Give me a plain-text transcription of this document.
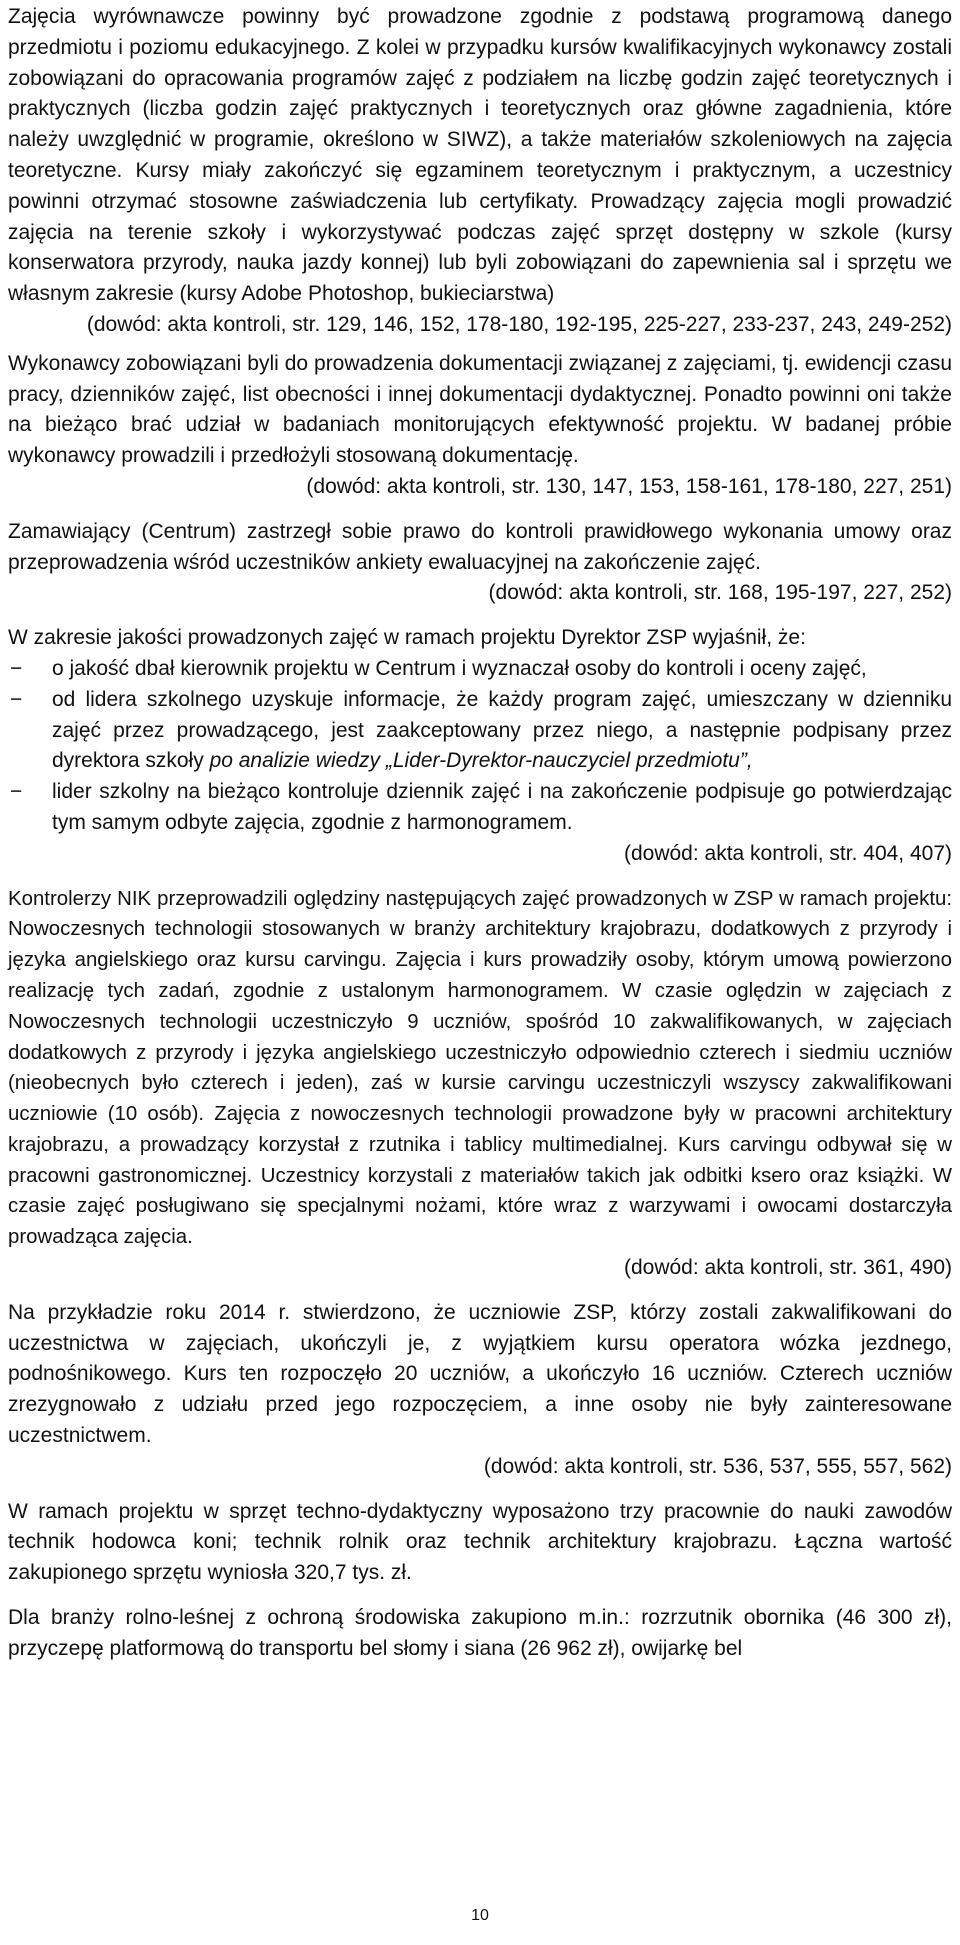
Zajęcia wyrównawcze powinny być prowadzone zgodnie z podstawą programową danego przedmiotu i poziomu edukacyjnego. Z kolei w przypadku kursów kwalifikacyjnych wykonawcy zostali zobowiązani do opracowania programów zajęć z podziałem na liczbę godzin zajęć teoretycznych i praktycznych (liczba godzin zajęć praktycznych i teoretycznych oraz główne zagadnienia, które należy uwzględnić w programie, określono w SIWZ), a także materiałów szkoleniowych na zajęcia teoretyczne. Kursy miały zakończyć się egzaminem teoretycznym i praktycznym, a uczestnicy powinni otrzymać stosowne zaświadczenia lub certyfikaty. Prowadzący zajęcia mogli prowadzić zajęcia na terenie szkoły i wykorzystywać podczas zajęć sprzęt dostępny w szkole (kursy konserwatora przyrody, nauka jazdy konnej) lub byli zobowiązani do zapewnienia sal i sprzętu we własnym zakresie (kursy Adobe Photoshop, bukieciarstwa)

(dowód: akta kontroli, str. 129, 146, 152, 178-180, 192-195, 225-227, 233-237, 243, 249-252)

Wykonawcy zobowiązani byli do prowadzenia dokumentacji związanej z zajęciami, tj. ewidencji czasu pracy, dzienników zajęć, list obecności i innej dokumentacji dydaktycznej. Ponadto powinni oni także na bieżąco brać udział w badaniach monitorujących efektywność projektu. W badanej próbie wykonawcy prowadzili i przedłożyli stosowaną dokumentację.

(dowód: akta kontroli, str. 130, 147, 153, 158-161, 178-180, 227, 251)

Zamawiający (Centrum) zastrzegł sobie prawo do kontroli prawidłowego wykonania umowy oraz przeprowadzenia wśród uczestników ankiety ewaluacyjnej na zakończenie zajęć.

(dowód: akta kontroli, str. 168, 195-197, 227, 252)

W zakresie jakości prowadzonych zajęć w ramach projektu Dyrektor ZSP wyjaśnił, że:

− o jakość dbał kierownik projektu w Centrum i wyznaczał osoby do kontroli i oceny zajęć,
− od lidera szkolnego uzyskuje informacje, że każdy program zajęć, umieszczany w dzienniku zajęć przez prowadzącego, jest zaakceptowany przez niego, a następnie podpisany przez dyrektora szkoły po analizie wiedzy „Lider-Dyrektor-nauczyciel przedmiotu”,
− lider szkolny na bieżąco kontroluje dziennik zajęć i na zakończenie podpisuje go potwierdzając tym samym odbyte zajęcia, zgodnie z harmonogramem.

(dowód: akta kontroli, str. 404, 407)

Kontrolerzy NIK przeprowadzili oględziny następujących zajęć prowadzonych w ZSP w ramach projektu: Nowoczesnych technologii stosowanych w branży architektury krajobrazu, dodatkowych z przyrody i języka angielskiego oraz kursu carvingu. Zajęcia i kurs prowadziły osoby, którym umową powierzono realizację tych zadań, zgodnie z ustalonym harmonogramem. W czasie oględzin w zajęciach z Nowoczesnych technologii uczestniczyło 9 uczniów, spośród 10 zakwalifikowanych, w zajęciach dodatkowych z przyrody i języka angielskiego uczestniczyło odpowiednio czterech i siedmiu uczniów (nieobecnych było czterech i jeden), zaś w kursie carvingu uczestniczyli wszyscy zakwalifikowani uczniowie (10 osób). Zajęcia z nowoczesnych technologii prowadzone były w pracowni architektury krajobrazu, a prowadzący korzystał z rzutnika i tablicy multimedialnej. Kurs carvingu odbywał się w pracowni gastronomicznej. Uczestnicy korzystali z materiałów takich jak odbitki ksero oraz książki. W czasie zajęć posługiwano się specjalnymi nożami, które wraz z warzywami i owocami dostarczyła prowadząca zajęcia.

(dowód: akta kontroli, str. 361, 490)

Na przykładzie roku 2014 r. stwierdzono, że uczniowie ZSP, którzy zostali zakwalifikowani do uczestnictwa w zajęciach, ukończyli je, z wyjątkiem kursu operatora wózka jezdnego, podnośnikowego. Kurs ten rozpoczęło 20 uczniów, a ukończyło 16 uczniów. Czterech uczniów zrezygnowało z udziału przed jego rozpoczęciem, a inne osoby nie były zainteresowane uczestnictwem.

(dowód: akta kontroli, str. 536, 537, 555, 557, 562)

W ramach projektu w sprzęt techno-dydaktyczny wyposażono trzy pracownie do nauki zawodów technik hodowca koni; technik rolnik oraz technik architektury krajobrazu. Łączna wartość zakupionego sprzętu wyniosła 320,7 tys. zł.

Dla branży rolno-leśnej z ochroną środowiska zakupiono m.in.: rozrzutnik obornika (46 300 zł), przyczepę platformową do transportu bel słomy i siana (26 962 zł), owijarkę bel

10
